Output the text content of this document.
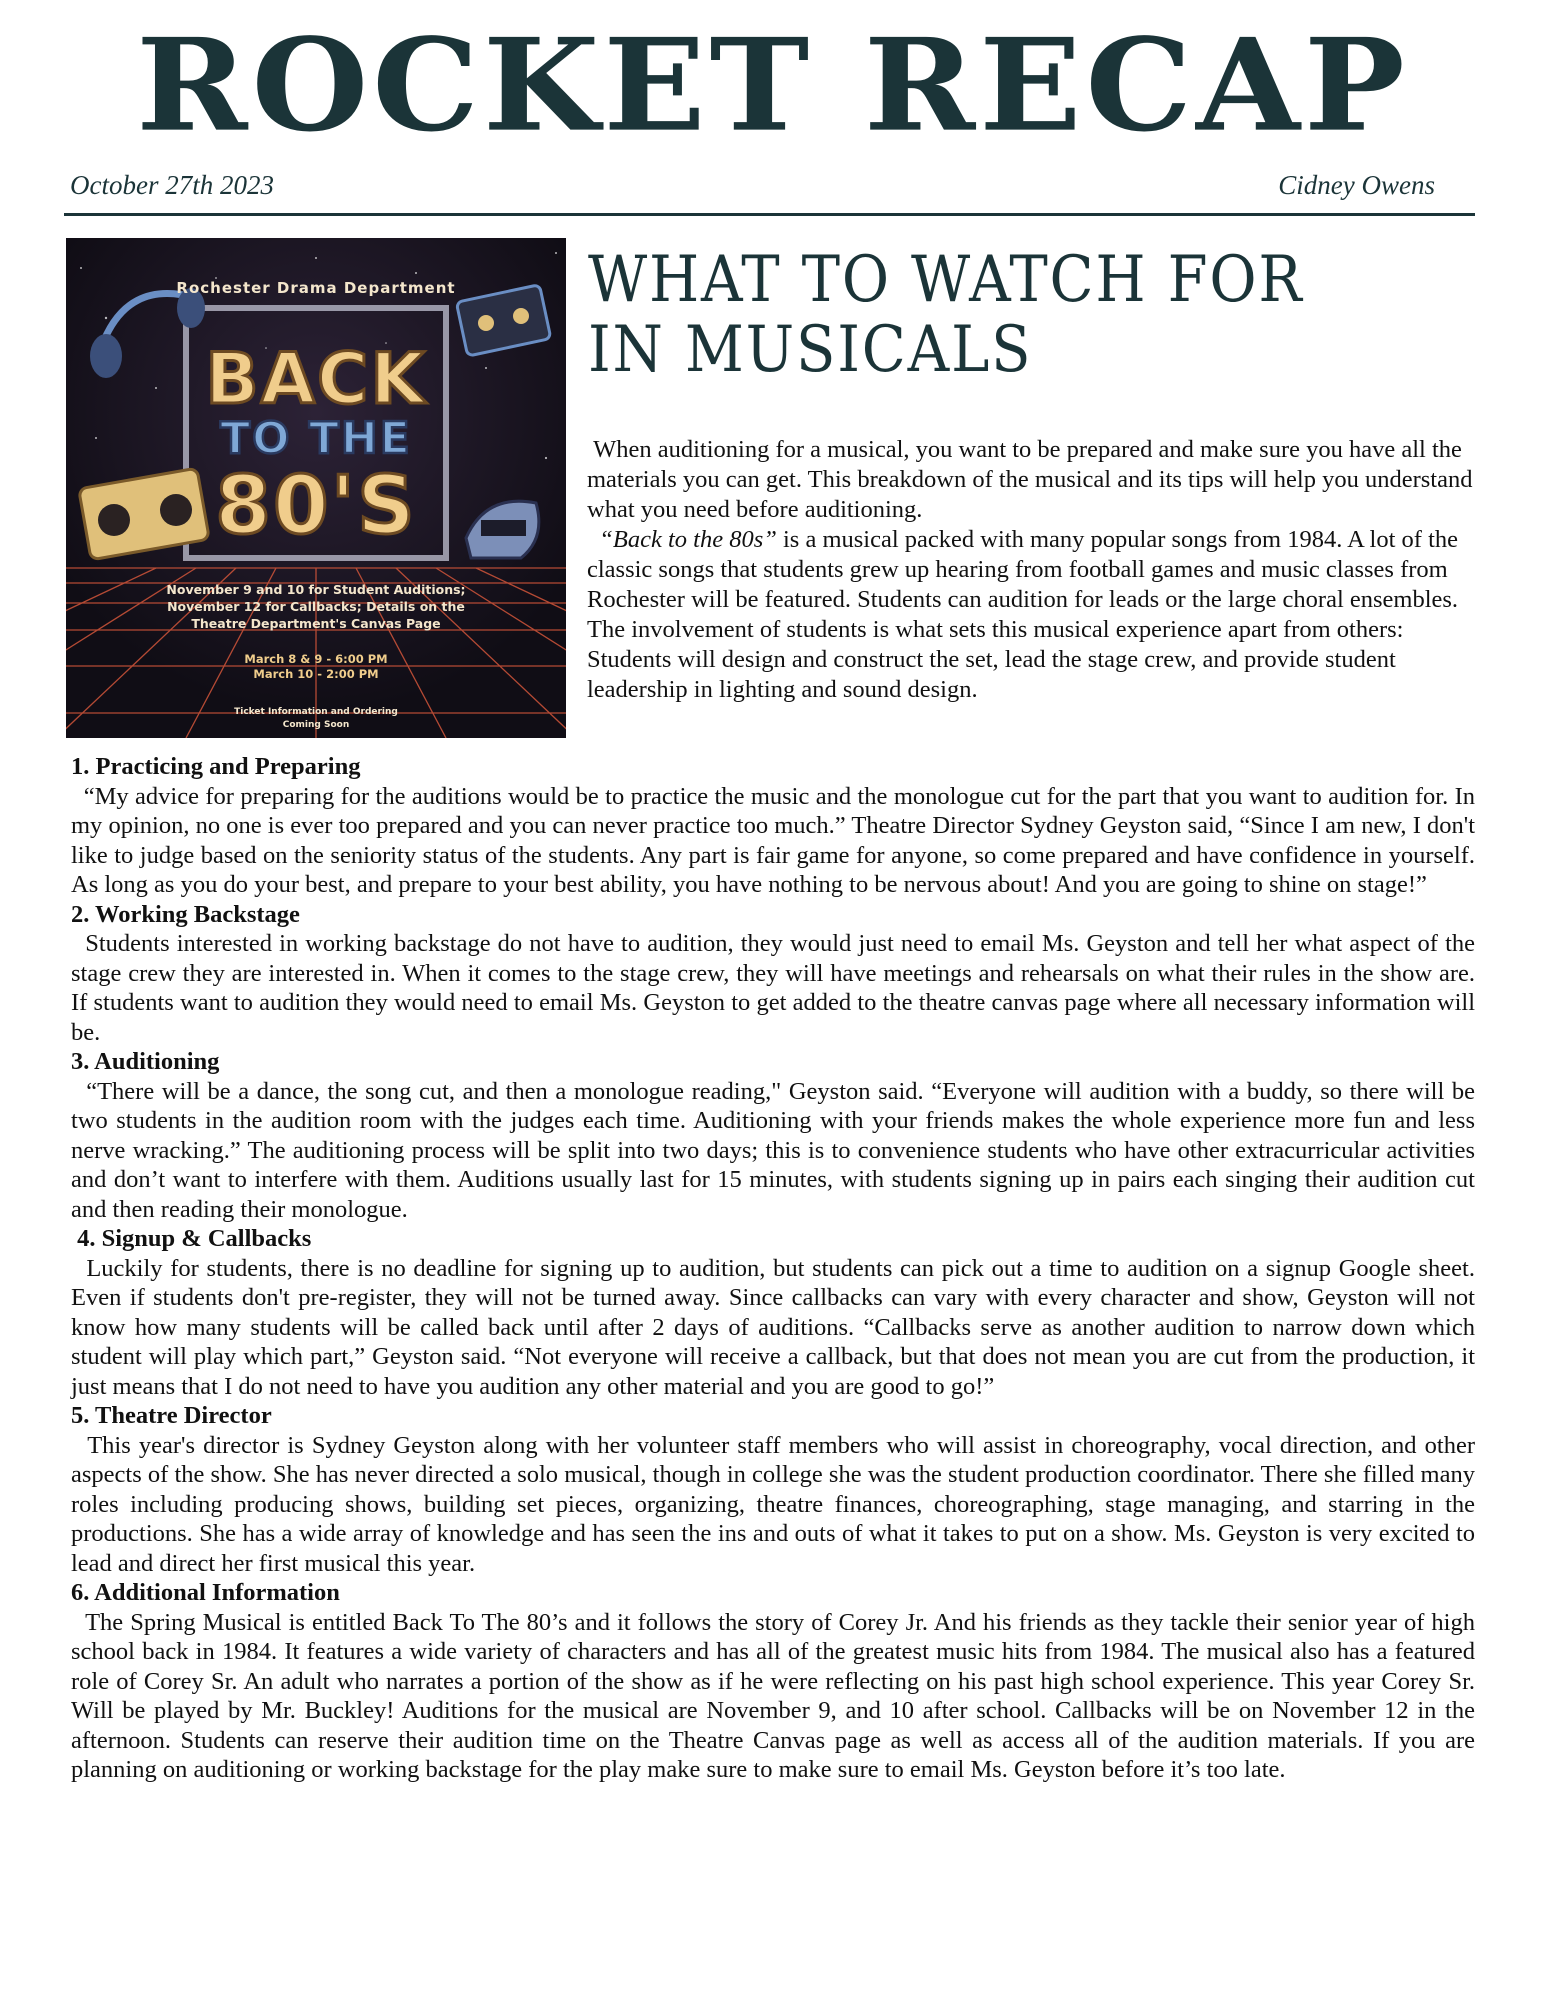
ROCKET RECAP
October 27th 2023	Cidney Owens
Rochester Drama Department
BACK
TO THE
80'S
November 9 and 10 for Student Auditions;
November 12 for Callbacks; Details on the
Theatre Department's Canvas Page
March 8 & 9 - 6:00 PM
March 10 - 2:00 PM
Ticket Information and Ordering
Coming Soon
WHAT TO WATCH FOR IN MUSICALS

When auditioning for a musical, you want to be prepared and make sure you have all the materials you can get. This breakdown of the musical and its tips will help you understand what you need before auditioning.

“Back to the 80s” is a musical packed with many popular songs from 1984. A lot of the classic songs that students grew up hearing from football games and music classes from Rochester will be featured. Students can audition for leads or the large choral ensembles. The involvement of students is what sets this musical experience apart from others: Students will design and construct the set, lead the stage crew, and provide student leadership in lighting and sound design.

1. Practicing and Preparing

“My advice for preparing for the auditions would be to practice the music and the monologue cut for the part that you want to audition for. In my opinion, no one is ever too prepared and you can never practice too much.” Theatre Director Sydney Geyston said, “Since I am new, I don't like to judge based on the seniority status of the students. Any part is fair game for anyone, so come prepared and have confidence in yourself. As long as you do your best, and prepare to your best ability, you have nothing to be nervous about! And you are going to shine on stage!”

2. Working Backstage

Students interested in working backstage do not have to audition, they would just need to email Ms. Geyston and tell her what aspect of the stage crew they are interested in. When it comes to the stage crew, they will have meetings and rehearsals on what their rules in the show are. If students want to audition they would need to email Ms. Geyston to get added to the theatre canvas page where all necessary information will be.

3. Auditioning

“There will be a dance, the song cut, and then a monologue reading," Geyston said. “Everyone will audition with a buddy, so there will be two students in the audition room with the judges each time. Auditioning with your friends makes the whole experience more fun and less nerve wracking.” The auditioning process will be split into two days; this is to convenience students who have other extracurricular activities and don’t want to interfere with them. Auditions usually last for 15 minutes, with students signing up in pairs each singing their audition cut and then reading their monologue.

4. Signup & Callbacks

Luckily for students, there is no deadline for signing up to audition, but students can pick out a time to audition on a signup Google sheet. Even if students don't pre-register, they will not be turned away. Since callbacks can vary with every character and show, Geyston will not know how many students will be called back until after 2 days of auditions. “Callbacks serve as another audition to narrow down which student will play which part,” Geyston said. “Not everyone will receive a callback, but that does not mean you are cut from the production, it just means that I do not need to have you audition any other material and you are good to go!”

5. Theatre Director

This year's director is Sydney Geyston along with her volunteer staff members who will assist in choreography, vocal direction, and other aspects of the show. She has never directed a solo musical, though in college she was the student production coordinator. There she filled many roles including producing shows, building set pieces, organizing, theatre finances, choreographing, stage managing, and starring in the productions. She has a wide array of knowledge and has seen the ins and outs of what it takes to put on a show. Ms. Geyston is very excited to lead and direct her first musical this year.

6. Additional Information

The Spring Musical is entitled Back To The 80’s and it follows the story of Corey Jr. And his friends as they tackle their senior year of high school back in 1984. It features a wide variety of characters and has all of the greatest music hits from 1984. The musical also has a featured role of Corey Sr. An adult who narrates a portion of the show as if he were reflecting on his past high school experience. This year Corey Sr. Will be played by Mr. Buckley! Auditions for the musical are November 9, and 10 after school. Callbacks will be on November 12 in the afternoon. Students can reserve their audition time on the Theatre Canvas page as well as access all of the audition materials. If you are planning on auditioning or working backstage for the play make sure to make sure to email Ms. Geyston before it’s too late.
